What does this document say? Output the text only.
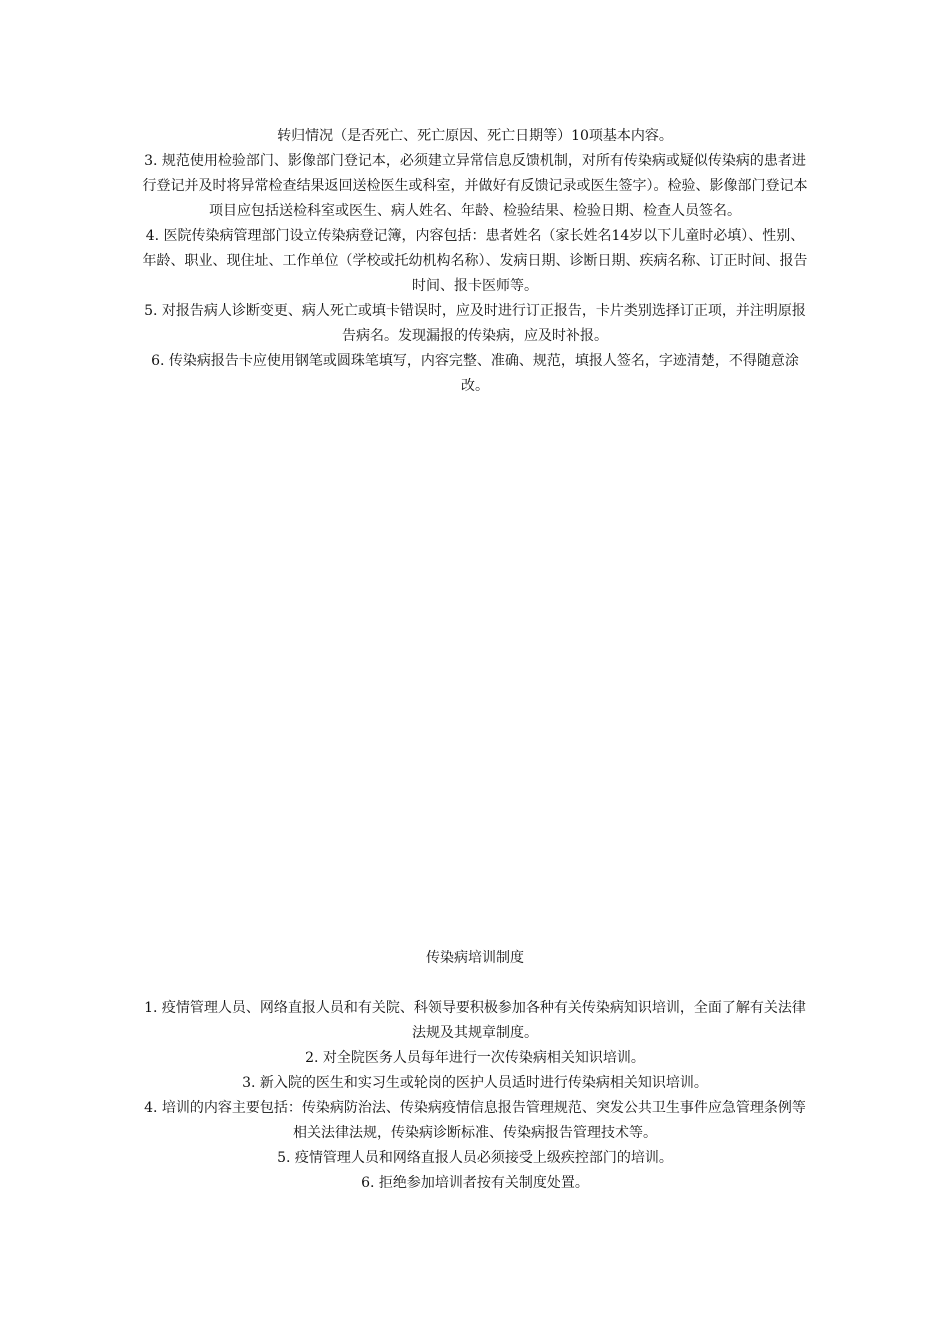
转归情况（是否死亡、死亡原因、死亡日期等）10项基本内容。

3. 规范使用检验部门、影像部门登记本，必须建立异常信息反馈机制，对所有传染病或疑似传染病的患者进行登记并及时将异常检查结果返回送检医生或科室，并做好有反馈记录或医生签字）。检验、影像部门登记本项目应包括送检科室或医生、病人姓名、年龄、检验结果、检验日期、检查人员签名。

4. 医院传染病管理部门设立传染病登记簿，内容包括：患者姓名（家长姓名14岁以下儿童时必填）、性别、年龄、职业、现住址、工作单位（学校或托幼机构名称）、发病日期、诊断日期、疾病名称、订正时间、报告时间、报卡医师等。

5. 对报告病人诊断变更、病人死亡或填卡错误时，应及时进行订正报告，卡片类别选择订正项，并注明原报告病名。发现漏报的传染病，应及时补报。

6. 传染病报告卡应使用钢笔或圆珠笔填写，内容完整、准确、规范，填报人签名，字迹清楚，不得随意涂改。

传染病培训制度

1. 疫情管理人员、网络直报人员和有关院、科领导要积极参加各种有关传染病知识培训，全面了解有关法律法规及其规章制度。

2. 对全院医务人员每年进行一次传染病相关知识培训。

3. 新入院的医生和实习生或轮岗的医护人员适时进行传染病相关知识培训。

4. 培训的内容主要包括：传染病防治法、传染病疫情信息报告管理规范、突发公共卫生事件应急管理条例等相关法律法规，传染病诊断标准、传染病报告管理技术等。

5. 疫情管理人员和网络直报人员必须接受上级疾控部门的培训。

6. 拒绝参加培训者按有关制度处置。
